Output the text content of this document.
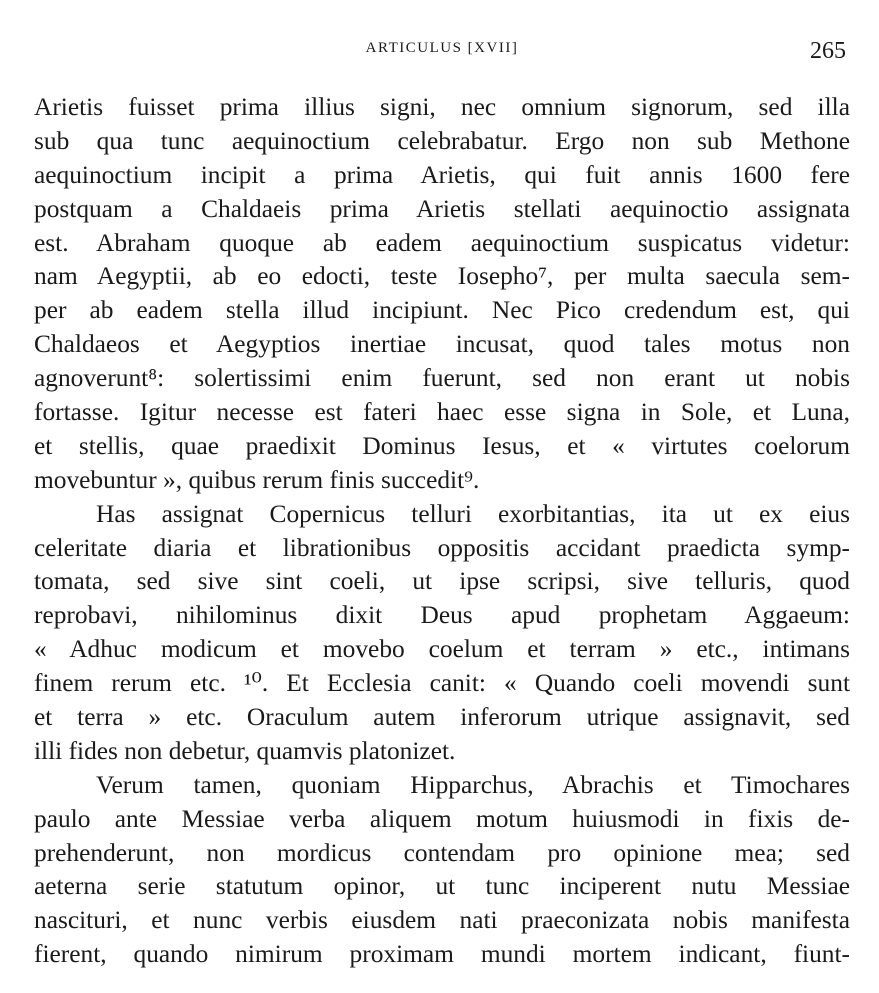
ARTICULUS [XVII]	265
Arietis fuisset prima illius signi, nec omnium signorum, sed illa
sub qua tunc aequinoctium celebrabatur. Ergo non sub Methone
aequinoctium incipit a prima Arietis, qui fuit annis 1600 fere
postquam a Chaldaeis prima Arietis stellati aequinoctio assignata
est. Abraham quoque ab eadem aequinoctium suspicatus videtur:
nam Aegyptii, ab eo edocti, teste Iosepho⁷, per multa saecula sem-
per ab eadem stella illud incipiunt. Nec Pico credendum est, qui
Chaldaeos et Aegyptios inertiae incusat, quod tales motus non
agnoverunt⁸: solertissimi enim fuerunt, sed non erant ut nobis
fortasse. Igitur necesse est fateri haec esse signa in Sole, et Luna,
et stellis, quae praedixit Dominus Iesus, et « virtutes coelorum
movebuntur », quibus rerum finis succedit⁹.
Has assignat Copernicus telluri exorbitantias, ita ut ex eius
celeritate diaria et librationibus oppositis accidant praedicta symp-
tomata, sed sive sint coeli, ut ipse scripsi, sive telluris, quod
reprobavi, nihilominus dixit Deus apud prophetam Aggaeum:
« Adhuc modicum et movebo coelum et terram » etc., intimans
finem rerum etc. ¹⁰. Et Ecclesia canit: « Quando coeli movendi sunt
et terra » etc. Oraculum autem inferorum utrique assignavit, sed
illi fides non debetur, quamvis platonizet.
Verum tamen, quoniam Hipparchus, Abrachis et Timochares
paulo ante Messiae verba aliquem motum huiusmodi in fixis de-
prehenderunt, non mordicus contendam pro opinione mea; sed
aeterna serie statutum opinor, ut tunc inciperent nutu Messiae
nascituri, et nunc verbis eiusdem nati praeconizata nobis manifesta
fierent, quando nimirum proximam mundi mortem indicant, fiunt-
